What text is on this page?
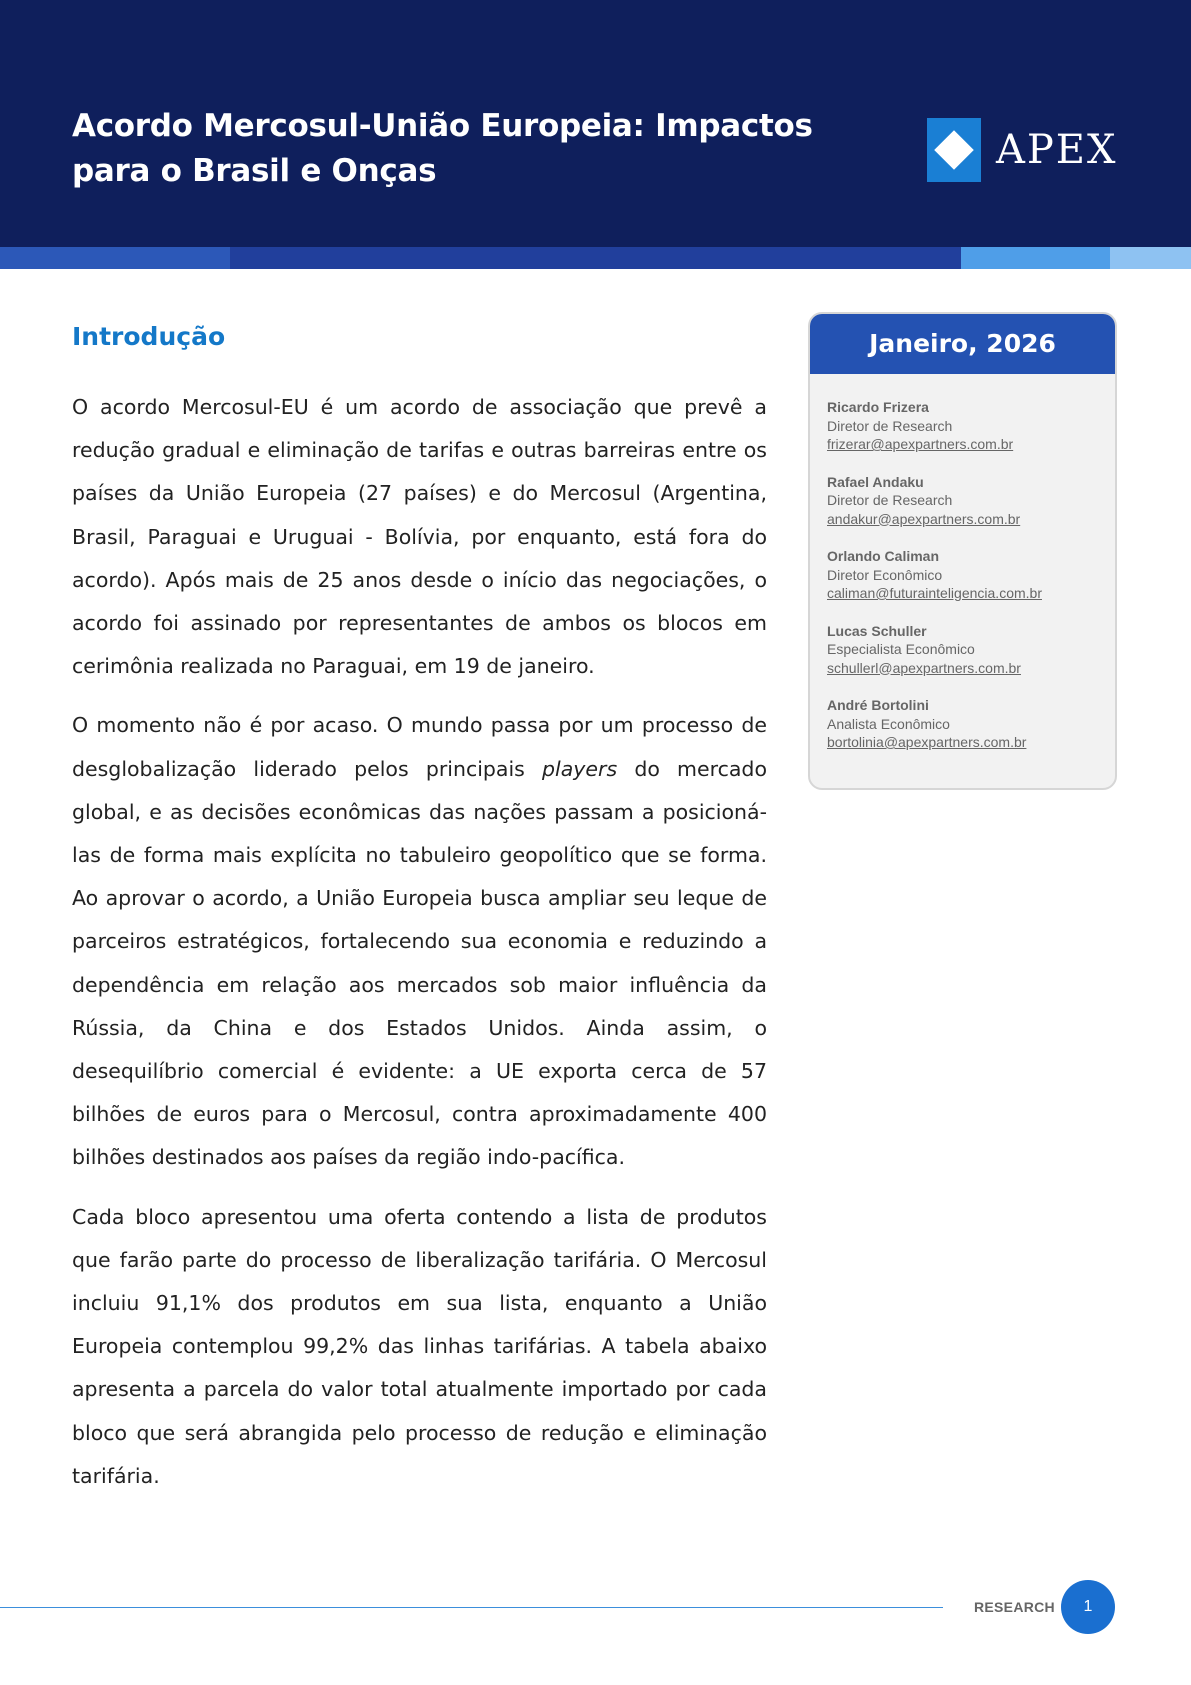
Acordo Mercosul-União Europeia: Impactos para o Brasil e Onças	APEX
Introdução

O acordo Mercosul-EU é um acordo de associação que prevê a redução gradual e eliminação de tarifas e outras barreiras entre os países da União Europeia (27 países) e do Mercosul (Argentina, Brasil, Paraguai e Uruguai - Bolívia, por enquanto, está fora do acordo). Após mais de 25 anos desde o início das negociações, o acordo foi assinado por representantes de ambos os blocos em cerimônia realizada no Paraguai, em 19 de janeiro.

O momento não é por acaso. O mundo passa por um processo de desglobalização liderado pelos principais players do mercado global, e as decisões econômicas das nações passam a posicioná-las de forma mais explícita no tabuleiro geopolítico que se forma. Ao aprovar o acordo, a União Europeia busca ampliar seu leque de parceiros estratégicos, fortalecendo sua economia e reduzindo a dependência em relação aos mercados sob maior influência da Rússia, da China e dos Estados Unidos. Ainda assim, o desequilíbrio comercial é evidente: a UE exporta cerca de 57 bilhões de euros para o Mercosul, contra aproximadamente 400 bilhões destinados aos países da região indo-pacífica.

Cada bloco apresentou uma oferta contendo a lista de produtos que farão parte do processo de liberalização tarifária. O Mercosul incluiu 91,1% dos produtos em sua lista, enquanto a União Europeia contemplou 99,2% das linhas tarifárias. A tabela abaixo apresenta a parcela do valor total atualmente importado por cada bloco que será abrangida pelo processo de redução e eliminação tarifária.

Janeiro, 2026
Ricardo Frizera
Diretor de Research
frizerar@apexpartners.com.br
Rafael Andaku
Diretor de Research
andakur@apexpartners.com.br
Orlando Caliman
Diretor Econômico
caliman@futurainteligencia.com.br
Lucas Schuller
Especialista Econômico
schullerl@apexpartners.com.br
André Bortolini
Analista Econômico
bortolinia@apexpartners.com.br
RESEARCH	1
